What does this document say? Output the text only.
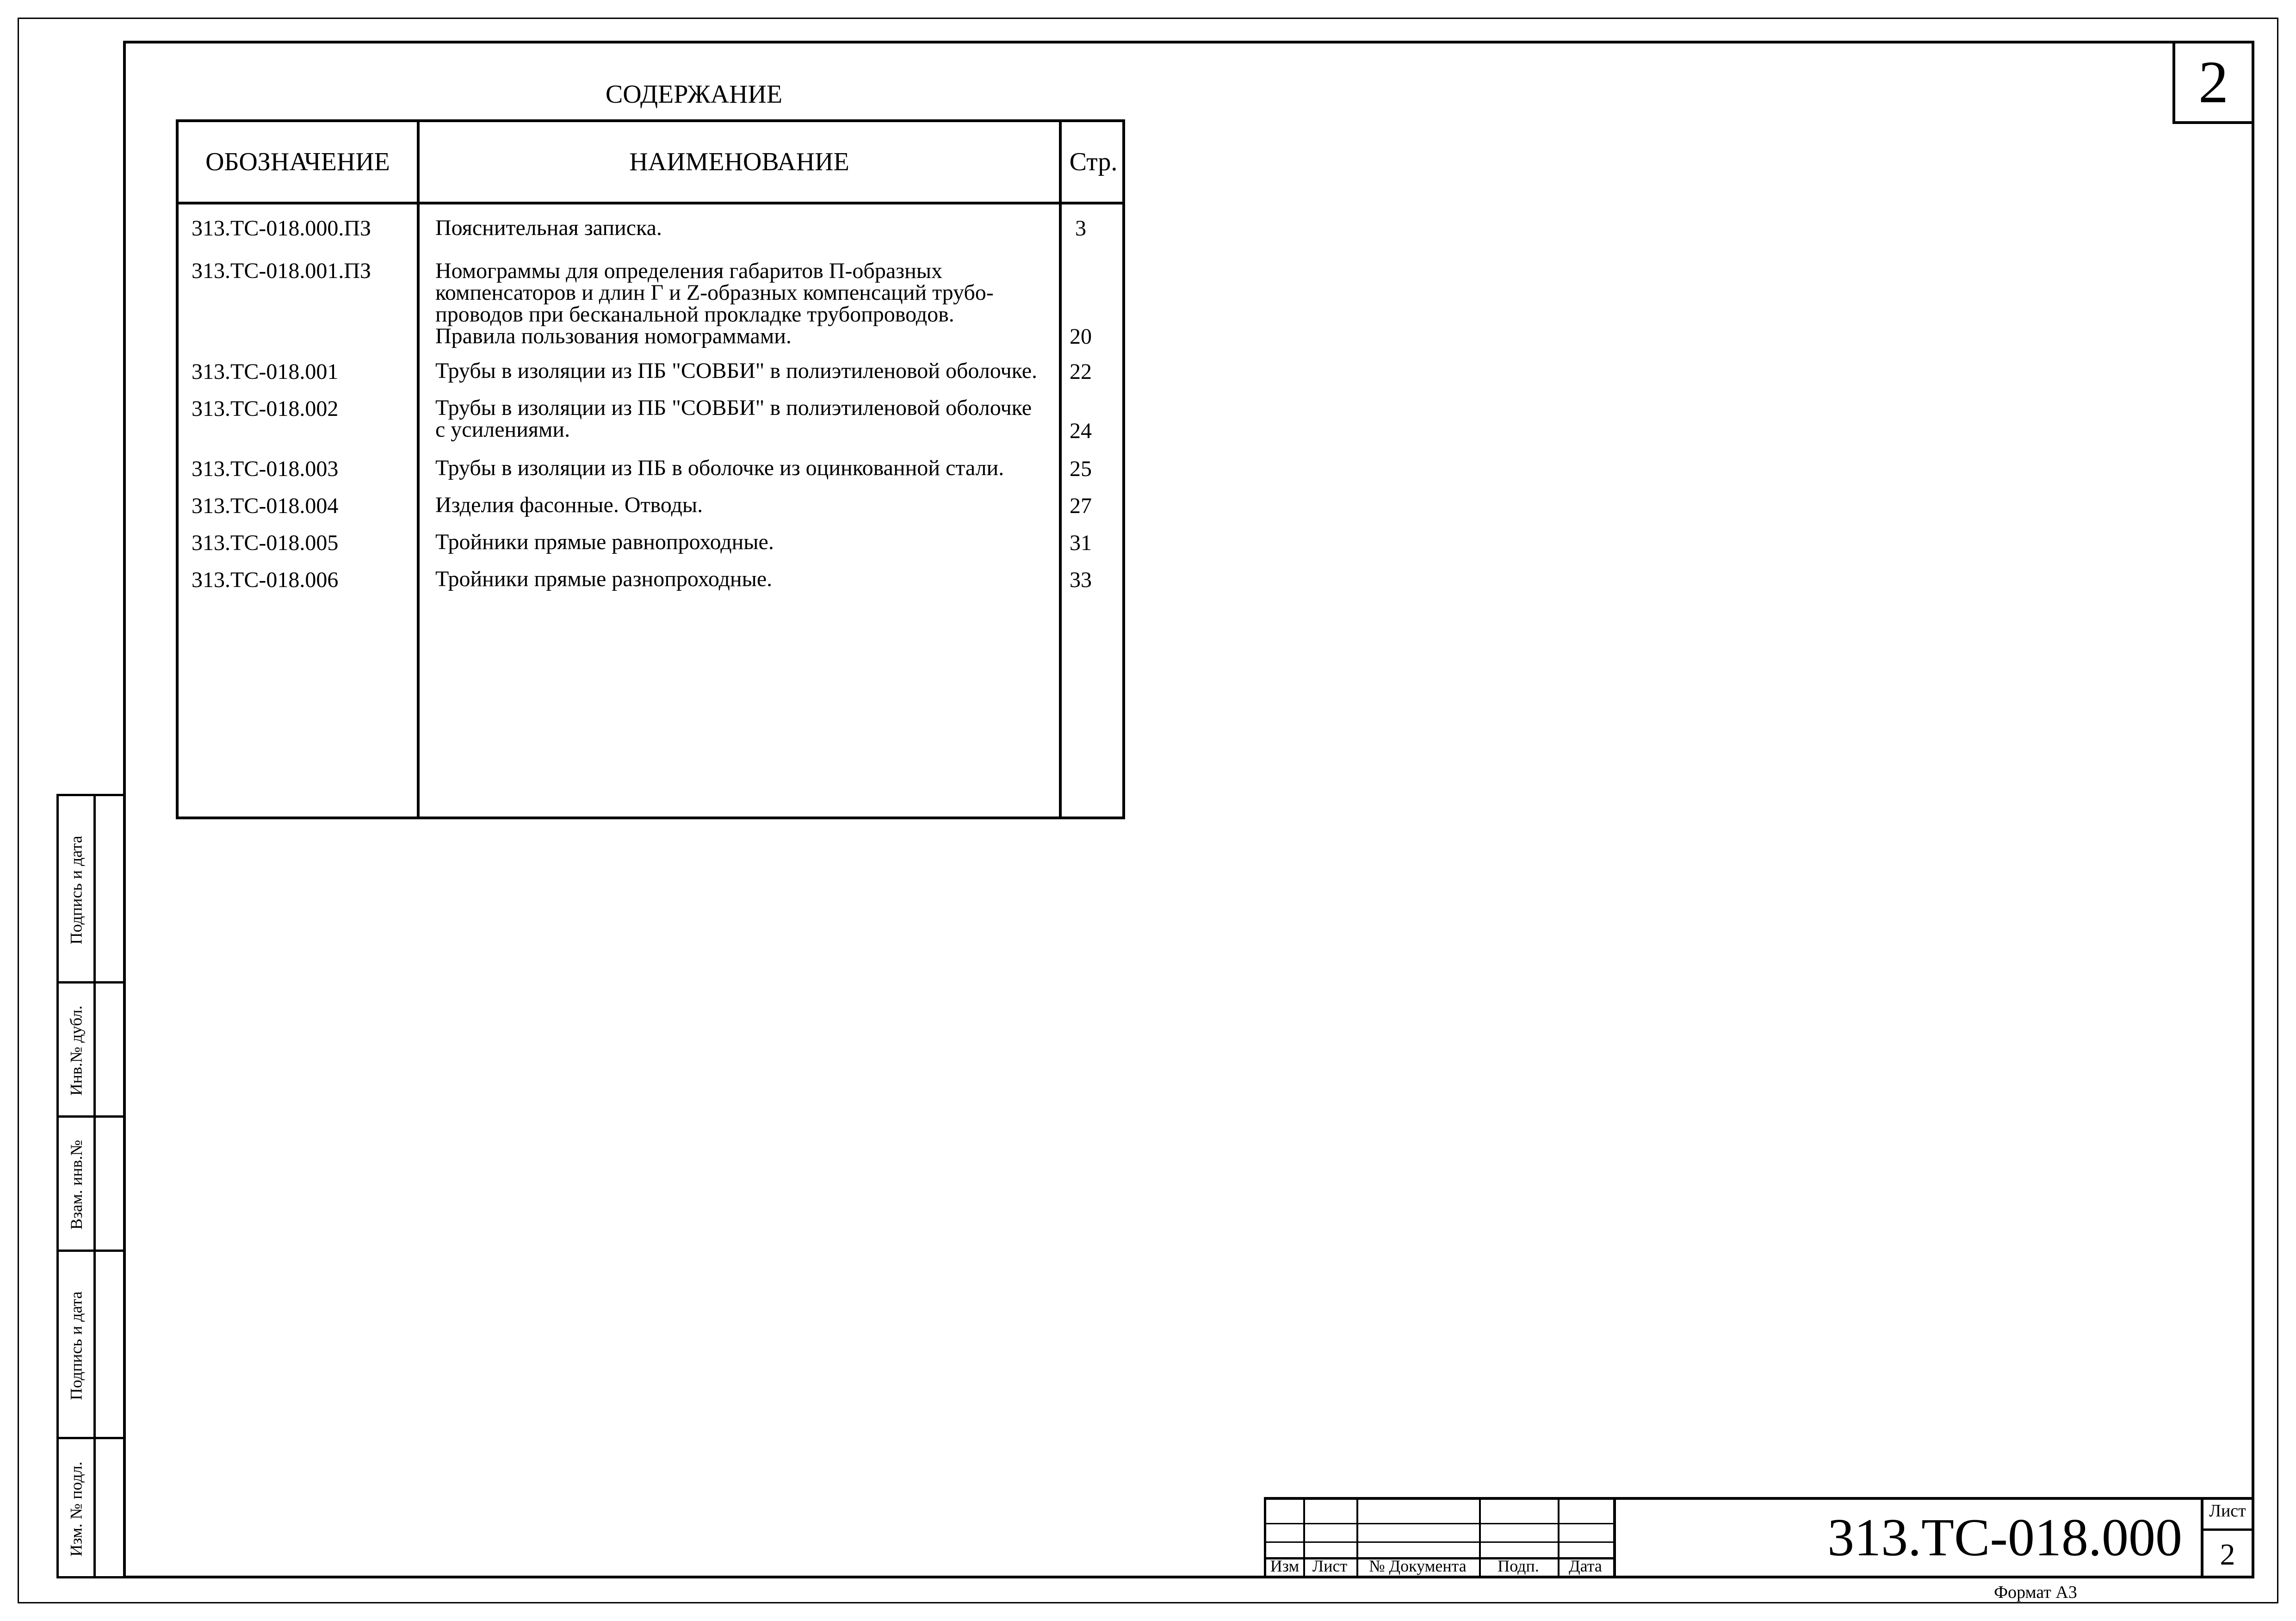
2
Подпись и дата
Инв.№ дубл.
Взам. инв.№
Подпись и дата
Изм. № подл.
СОДЕРЖАНИЕ
ОБОЗНАЧЕНИЕ	НАИМЕНОВАНИЕ	Стр.
313.ТС-018.000.ПЗ	Пояснительная записка.	3
313.ТС-018.001.ПЗ	Номограммы для определения габаритов П-образных
компенсаторов и длин Г и Z-образных компенсаций трубо-
проводов при бесканальной прокладке трубопроводов.
Правила пользования номограммами.	20
313.ТС-018.001	Трубы в изоляции из ПБ "СОВБИ" в полиэтиленовой оболочке.	22
313.ТС-018.002	Трубы в изоляции из ПБ "СОВБИ" в полиэтиленовой оболочке
с усилениями.	24
313.ТС-018.003	Трубы в изоляции из ПБ в оболочке из оцинкованной стали.	25
313.ТС-018.004	Изделия фасонные. Отводы.	27
313.ТС-018.005	Тройники прямые равнопроходные.	31
313.ТС-018.006	Тройники прямые разнопроходные.	33
Изм Лист	№ Документа	Подп.	Дата	313.ТС-018.000	Лист
2
Формат А3
